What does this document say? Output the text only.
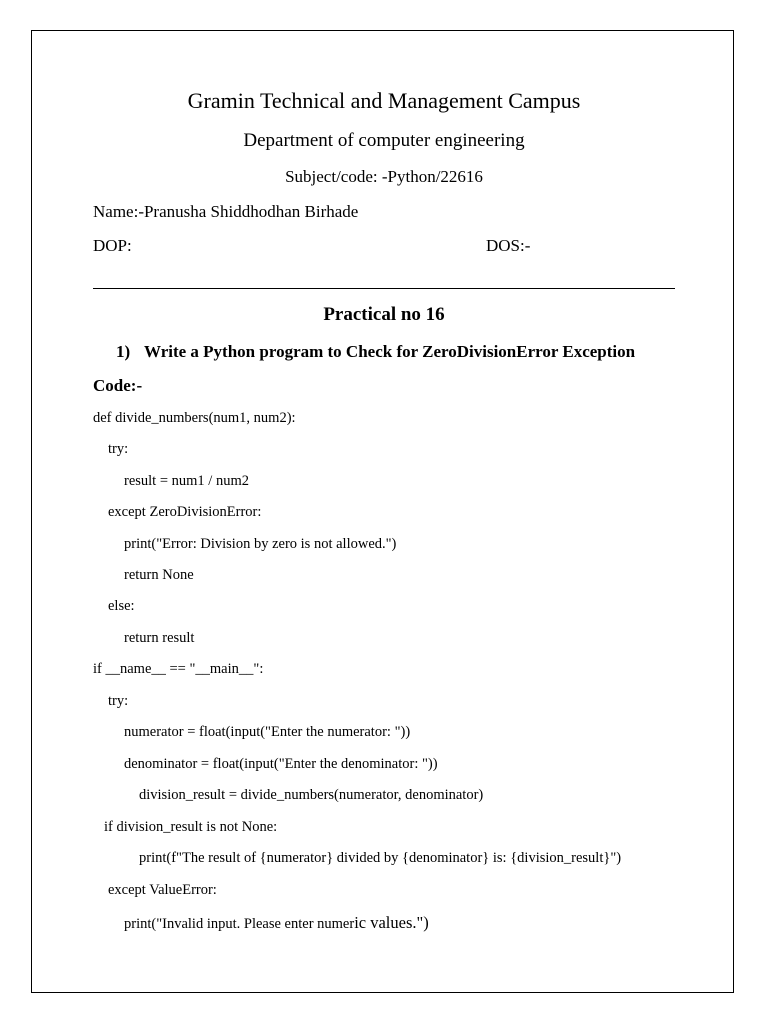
Gramin Technical and Management Campus
Department of computer engineering
Subject/code: -Python/22616
Name:-Pranusha Shiddhodhan Birhade
DOP:	DOS:-
Practical no 16
1) Write a Python program to Check for ZeroDivisionError Exception
Code:-
def divide_numbers(num1, num2):
try:
result = num1 / num2
except ZeroDivisionError:
print("Error: Division by zero is not allowed.")
return None
else:
return result
if __name__ == "__main__":
try:
numerator = float(input("Enter the numerator: "))
denominator = float(input("Enter the denominator: "))
division_result = divide_numbers(numerator, denominator)
if division_result is not None:
print(f"The result of {numerator} divided by {denominator} is: {division_result}")
except ValueError:
print("Invalid input. Please enter numeric values.")
